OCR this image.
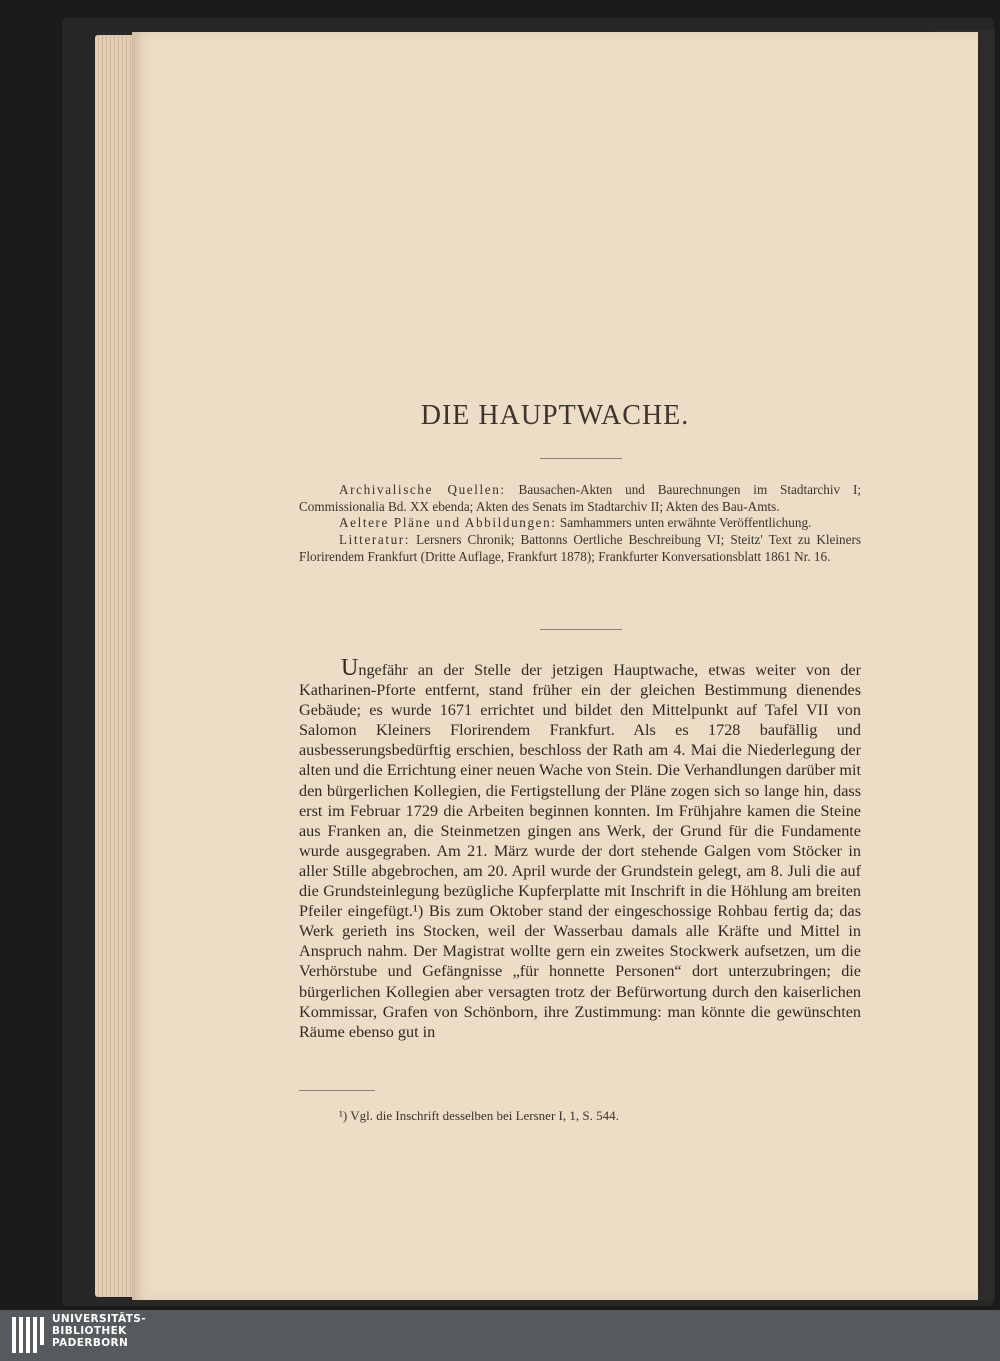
DIE HAUPTWACHE.

Archivalische Quellen: Bausachen-Akten und Baurechnungen im Stadtarchiv I; Commissionalia Bd. XX ebenda; Akten des Senats im Stadtarchiv II; Akten des Bau-Amts.

Aeltere Pläne und Abbildungen: Samhammers unten erwähnte Veröffentlichung.

Litteratur: Lersners Chronik; Battonns Oertliche Beschreibung VI; Steitz' Text zu Kleiners Florirendem Frankfurt (Dritte Auflage, Frankfurt 1878); Frankfurter Konversationsblatt 1861 Nr. 16.

Ungefähr an der Stelle der jetzigen Hauptwache, etwas weiter von der Katharinen-Pforte entfernt, stand früher ein der gleichen Bestimmung dienendes Gebäude; es wurde 1671 errichtet und bildet den Mittelpunkt auf Tafel VII von Salomon Kleiners Florirendem Frankfurt. Als es 1728 baufällig und ausbesserungsbedürftig erschien, beschloss der Rath am 4. Mai die Niederlegung der alten und die Errichtung einer neuen Wache von Stein. Die Verhandlungen darüber mit den bürgerlichen Kollegien, die Fertigstellung der Pläne zogen sich so lange hin, dass erst im Februar 1729 die Arbeiten beginnen konnten. Im Frühjahre kamen die Steine aus Franken an, die Steinmetzen gingen ans Werk, der Grund für die Fundamente wurde ausgegraben. Am 21. März wurde der dort stehende Galgen vom Stöcker in aller Stille abgebrochen, am 20. April wurde der Grundstein gelegt, am 8. Juli die auf die Grundsteinlegung bezügliche Kupferplatte mit Inschrift in die Höhlung am breiten Pfeiler eingefügt.¹) Bis zum Oktober stand der eingeschossige Rohbau fertig da; das Werk gerieth ins Stocken, weil der Wasserbau damals alle Kräfte und Mittel in Anspruch nahm. Der Magistrat wollte gern ein zweites Stockwerk aufsetzen, um die Verhörstube und Gefängnisse „für honnette Personen“ dort unterzubringen; die bürgerlichen Kollegien aber versagten trotz der Befürwortung durch den kaiserlichen Kommissar, Grafen von Schönborn, ihre Zustimmung: man könnte die gewünschten Räume ebenso gut in

¹) Vgl. die Inschrift desselben bei Lersner I, 1, S. 544.
UNIVERSITÄTS-
BIBLIOTHEK
PADERBORN
